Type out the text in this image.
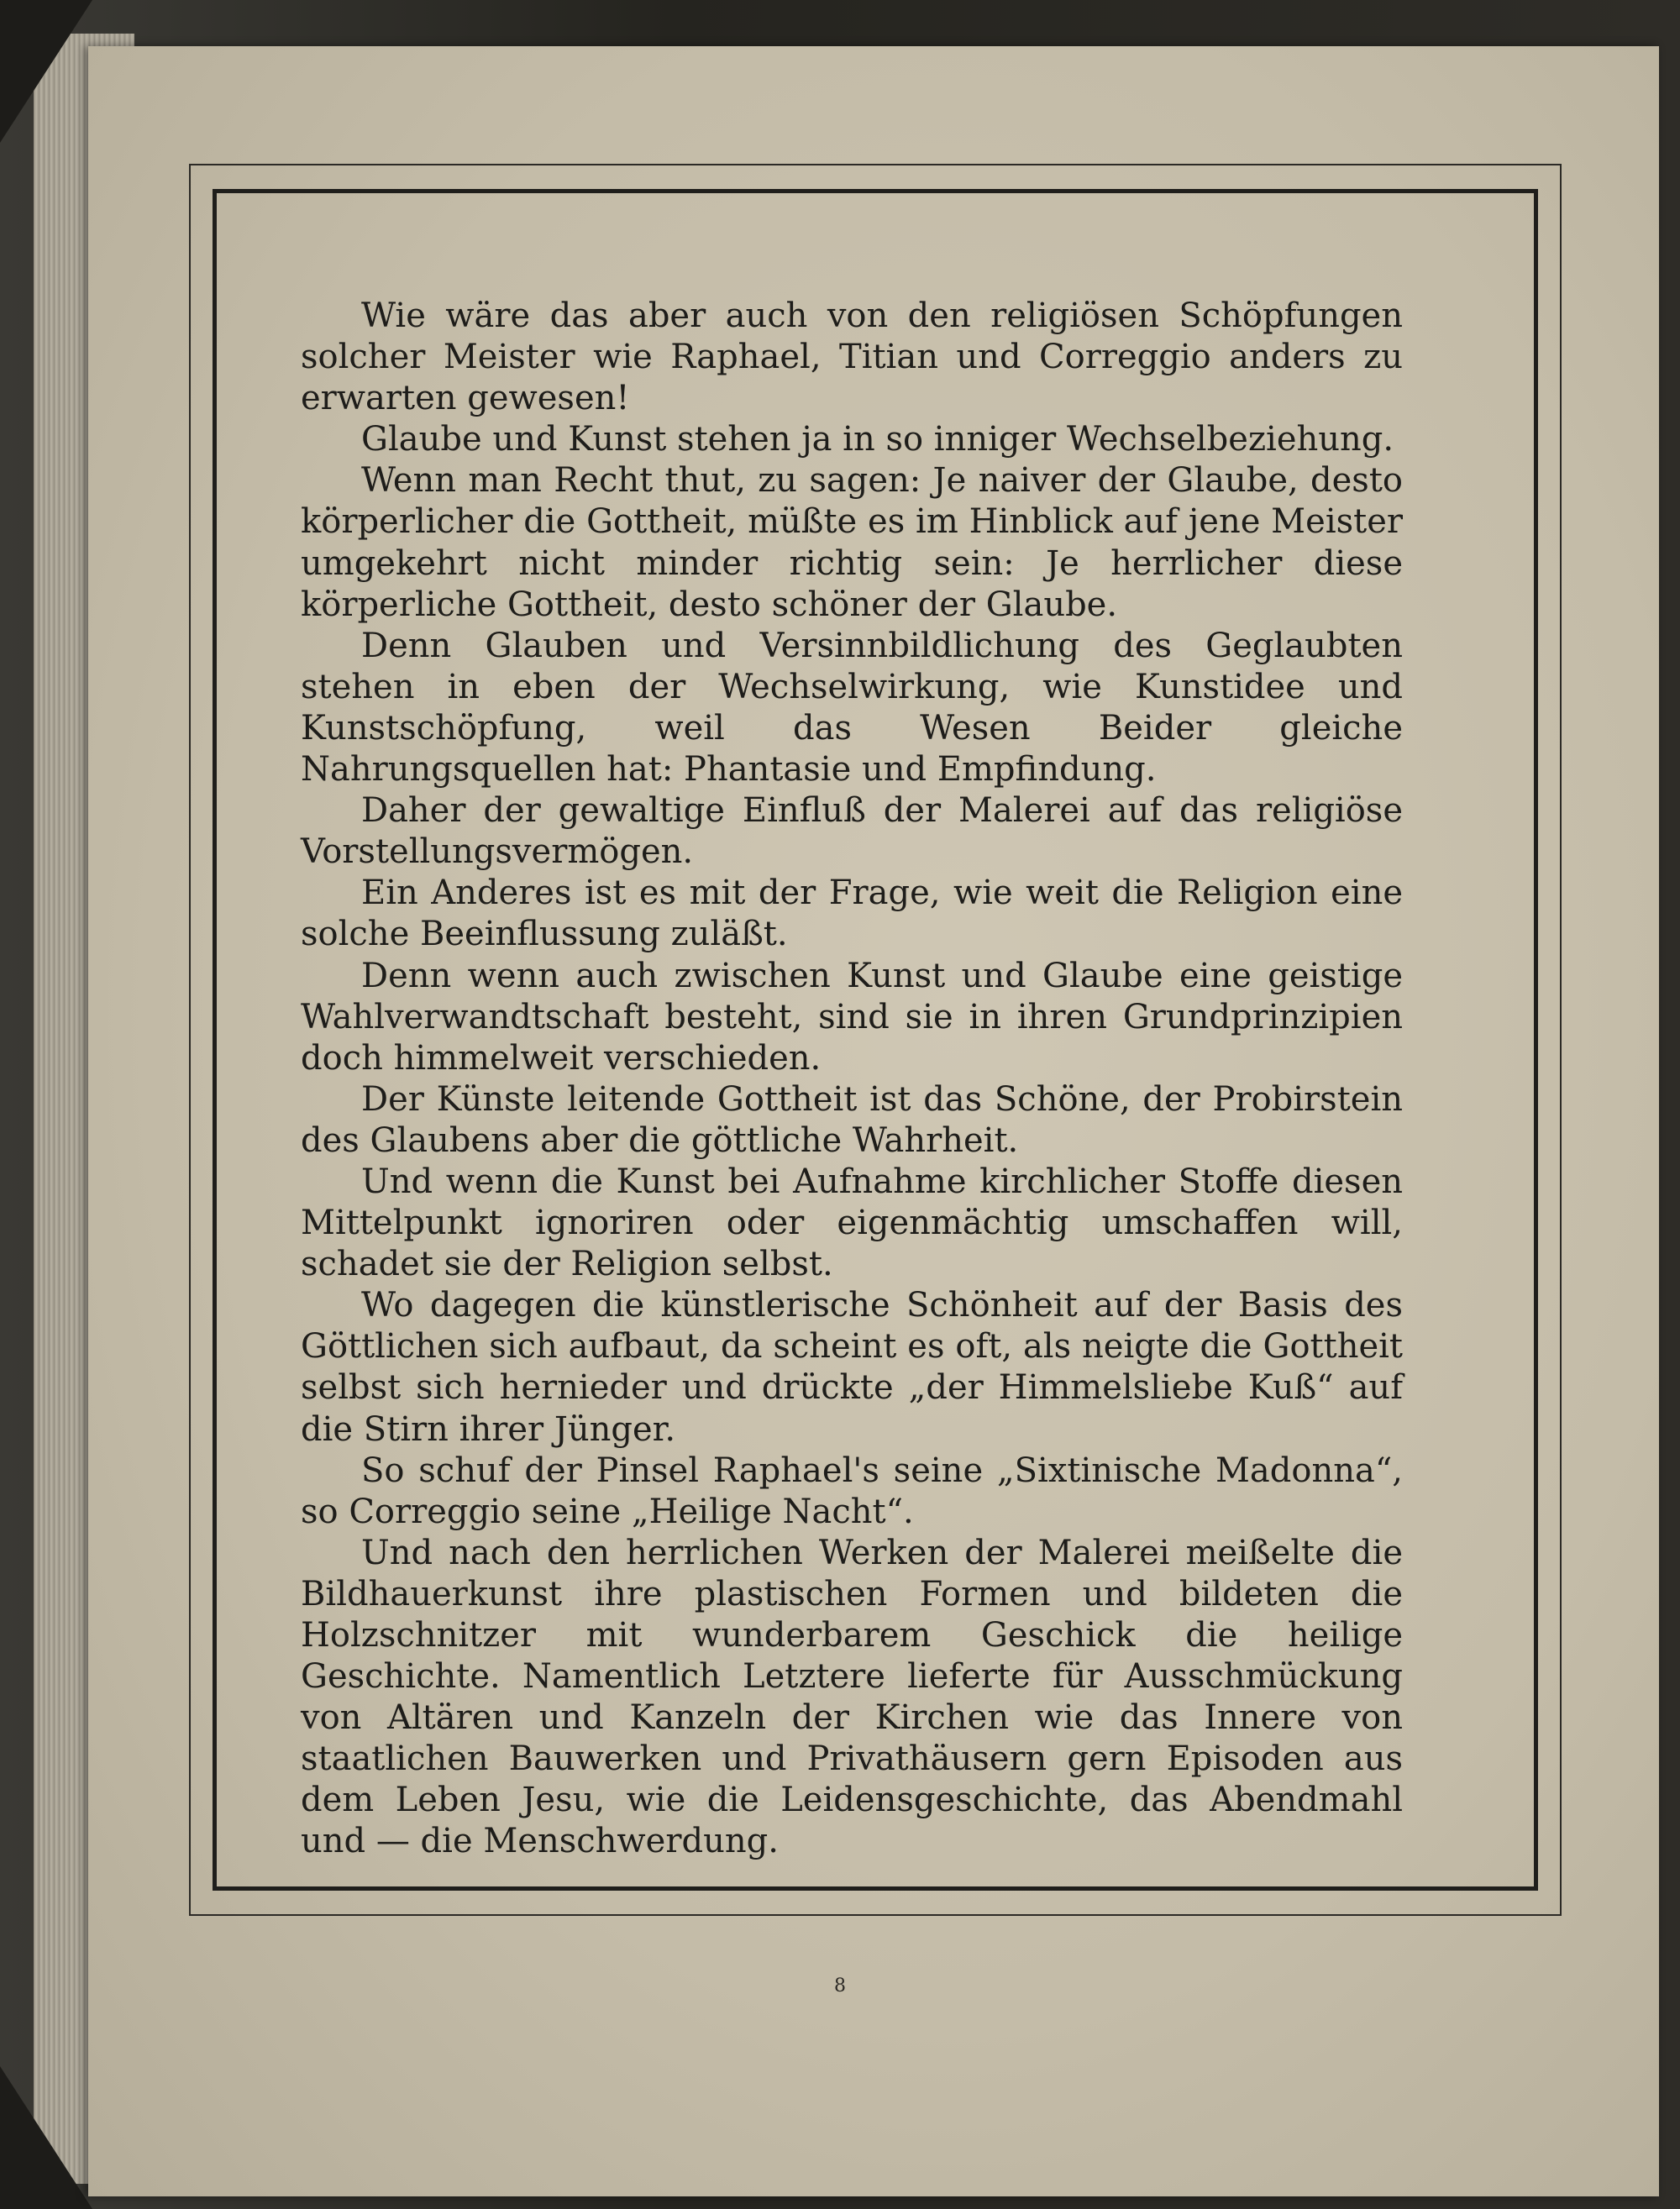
Wie wäre das aber auch von den religiösen Schöpfungen solcher Meister wie Raphael, Titian und Correggio anders zu erwarten gewesen!

Glaube und Kunst stehen ja in so inniger Wechselbeziehung.

Wenn man Recht thut, zu sagen: Je naiver der Glaube, desto körperlicher die Gottheit, müßte es im Hinblick auf jene Meister umgekehrt nicht minder richtig sein: Je herrlicher diese körperliche Gottheit, desto schöner der Glaube.

Denn Glauben und Versinnbildlichung des Geglaubten stehen in eben der Wechselwirkung, wie Kunstidee und Kunstschöpfung, weil das Wesen Beider gleiche Nahrungsquellen hat: Phantasie und Empfindung.

Daher der gewaltige Einfluß der Malerei auf das religiöse Vorstellungsvermögen.

Ein Anderes ist es mit der Frage, wie weit die Religion eine solche Beeinflussung zuläßt.

Denn wenn auch zwischen Kunst und Glaube eine geistige Wahlverwandtschaft besteht, sind sie in ihren Grundprinzipien doch himmelweit verschieden.

Der Künste leitende Gottheit ist das Schöne, der Probirstein des Glaubens aber die göttliche Wahrheit.

Und wenn die Kunst bei Aufnahme kirchlicher Stoffe diesen Mittelpunkt ignoriren oder eigenmächtig umschaffen will, schadet sie der Religion selbst.

Wo dagegen die künstlerische Schönheit auf der Basis des Göttlichen sich aufbaut, da scheint es oft, als neigte die Gottheit selbst sich hernieder und drückte „der Himmelsliebe Kuß“ auf die Stirn ihrer Jünger.

So schuf der Pinsel Raphael's seine „Sixtinische Madonna“, so Correggio seine „Heilige Nacht“.

Und nach den herrlichen Werken der Malerei meißelte die Bildhauerkunst ihre plastischen Formen und bildeten die Holzschnitzer mit wunderbarem Geschick die heilige Geschichte. Namentlich Letztere lieferte für Ausschmückung von Altären und Kanzeln der Kirchen wie das Innere von staatlichen Bauwerken und Privathäusern gern Episoden aus dem Leben Jesu, wie die Leidensgeschichte, das Abendmahl und — die Menschwerdung.

8
